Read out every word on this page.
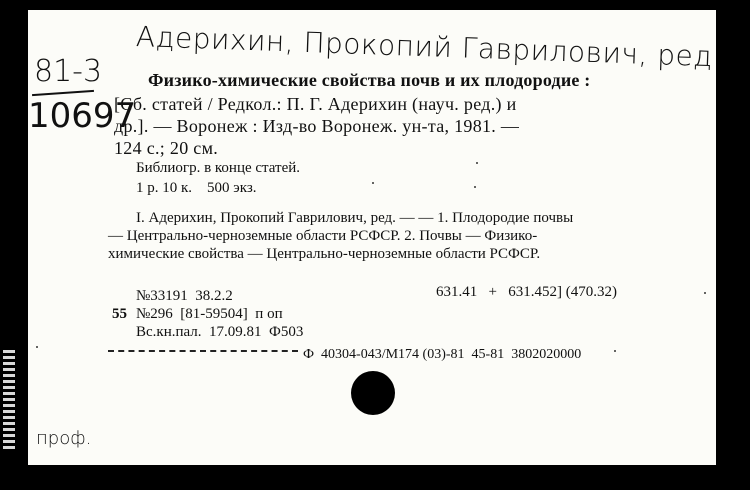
Адерихин, Прокопий Гаврилович, ред
81-3
10697
Физико-химические свойства почв и их плодородие :
[Сб. статей / Редкол.: П. Г. Адерихин (науч. ред.) и
др.]. — Воронеж : Изд-во Воронеж. ун-та, 1981. —
124 с.; 20 см.
Библиогр. в конце статей.
1 р. 10 к.    500 экз.
I. Адерихин, Прокопий Гаврилович, ред. — — 1. Плодородие почвы
— Центрально-черноземные области РСФСР. 2. Почвы — Физико-
химические свойства — Центрально-черноземные области РСФСР.
№33191  38.2.2	631.41   +   631.452] (470.32)
55 №296  [81-59504]  п оп
Вс.кн.пал.  17.09.81  Ф503
Ф  40304-043/М174 (03)-81  45-81  3802020000
проф.
